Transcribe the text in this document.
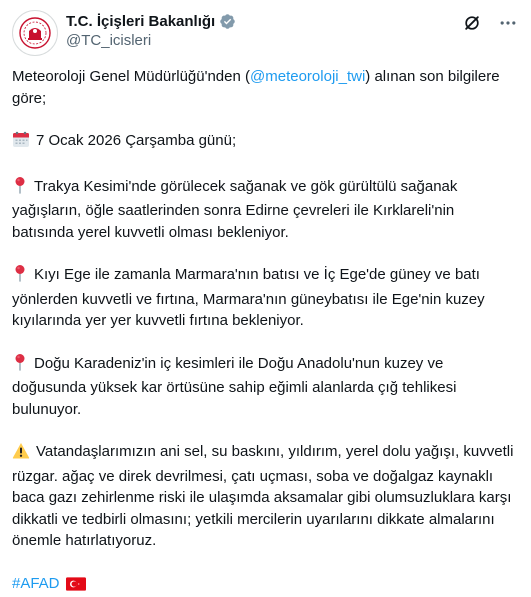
T.C. İçişleri Bakanlığı
@TC_icisleri

Meteoroloji Genel Müdürlüğü'nden (@meteoroloji_twi) alınan son bilgilere göre;

7 Ocak 2026 Çarşamba günü;

Trakya Kesimi'nde görülecek sağanak ve gök gürültülü sağanak yağışların, öğle saatlerinden sonra Edirne çevreleri ile Kırklareli'nin batısında yerel kuvvetli olması bekleniyor.

Kıyı Ege ile zamanla Marmara'nın batısı ve İç Ege'de güney ve batı yönlerden kuvvetli ve fırtına, Marmara'nın güneybatısı ile Ege'nin kuzey kıyılarında yer yer kuvvetli fırtına bekleniyor.

Doğu Karadeniz'in iç kesimleri ile Doğu Anadolu'nun kuzey ve doğusunda yüksek kar örtüsüne sahip eğimli alanlarda çığ tehlikesi bulunuyor.

Vatandaşlarımızın ani sel, su baskını, yıldırım, yerel dolu yağışı, kuvvetli rüzgar. ağaç ve direk devrilmesi, çatı uçması, soba ve doğalgaz kaynaklı baca gazı zehirlenme riski ile ulaşımda aksamalar gibi olumsuzluklara karşı dikkatli ve tedbirli olmasını; yetkili mercilerin uyarılarını dikkate almalarını önemle hatırlatıyoruz.

#AFAD
